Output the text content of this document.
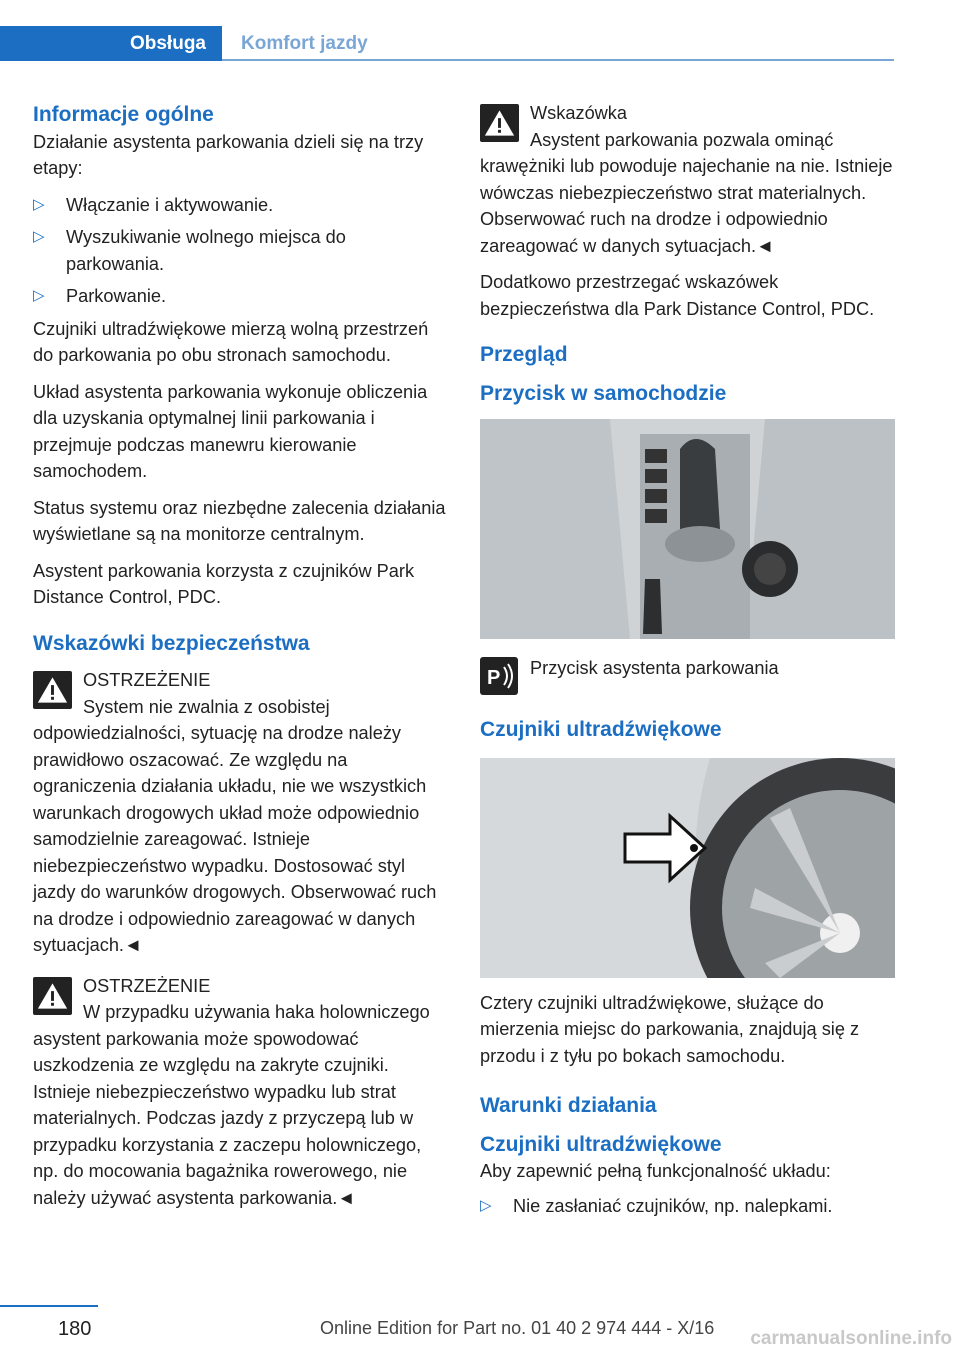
Obsługa	Komfort jazdy
Informacje ogólne

Działanie asystenta parkowania dzieli się na trzy etapy:

▷ Włączanie i aktywowanie.
▷ Wyszukiwanie wolnego miejsca do parkowania.
▷ Parkowanie.

Czujniki ultradźwiękowe mierzą wolną przestrzeń do parkowania po obu stronach samochodu.

Układ asystenta parkowania wykonuje obliczenia dla uzyskania optymalnej linii parkowania i przejmuje podczas manewru kierowanie samochodem.

Status systemu oraz niezbędne zalecenia działania wyświetlane są na monitorze centralnym.

Asystent parkowania korzysta z czujników Park Distance Control, PDC.

Wskazówki bezpieczeństwa

OSTRZEŻENIE

System nie zwalnia z osobistej odpowiedzialności, sytuację na drodze należy prawidłowo oszacować. Ze względu na ograniczenia działania układu, nie we wszystkich warunkach drogowych układ może odpowiednio samodzielnie zareagować. Istnieje niebezpieczeństwo wypadku. Dostosować styl jazdy do warunków drogowych. Obserwować ruch na drodze i odpowiednio zareagować w danych sytuacjach.◄

OSTRZEŻENIE

W przypadku używania haka holowniczego asystent parkowania może spowodować uszkodzenia ze względu na zakryte czujniki. Istnieje niebezpieczeństwo wypadku lub strat materialnych. Podczas jazdy z przyczepą lub w przypadku korzystania z zaczepu holowniczego, np. do mocowania bagażnika rowerowego, nie należy używać asystenta parkowania.◄

Wskazówka

Asystent parkowania pozwala ominąć krawężniki lub powoduje najechanie na nie. Istnieje wówczas niebezpieczeństwo strat materialnych. Obserwować ruch na drodze i odpowiednio zareagować w danych sytuacjach.◄

Dodatkowo przestrzegać wskazówek bezpieczeństwa dla Park Distance Control, PDC.

Przegląd
Przycisk w samochodzie
P Przycisk asystenta parkowania
Czujniki ultradźwiękowe

Cztery czujniki ultradźwiękowe, służące do mierzenia miejsc do parkowania, znajdują się z przodu i z tyłu po bokach samochodu.

Warunki działania
Czujniki ultradźwiękowe

Aby zapewnić pełną funkcjonalność układu:

▷ Nie zasłaniać czujników, np. nalepkami.
180	Online Edition for Part no. 01 40 2 974 444 - X/16 carmanualsonline.info
